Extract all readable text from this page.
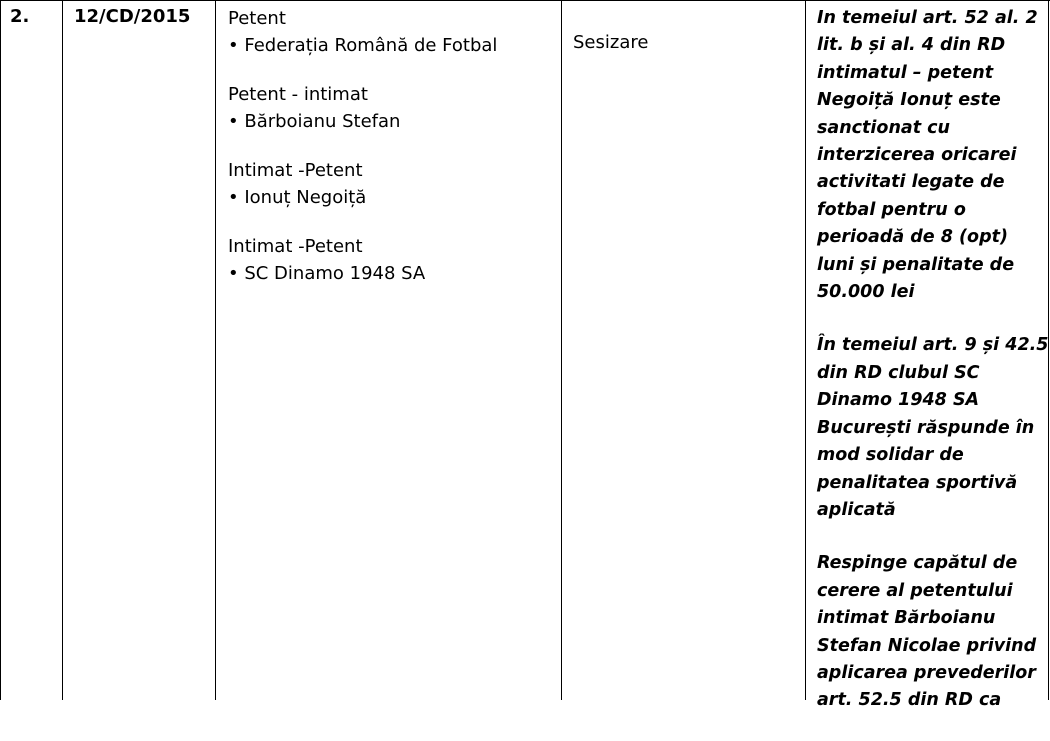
2. 12/CD/2015 Petent
• Federația Română de Fotbal
Petent - intimat
• Bărboianu Stefan
Intimat -Petent
• Ionuț Negoiță
Intimat -Petent
• SC Dinamo 1948 SA
Sesizare
In temeiul art. 52 al. 2
lit. b și al. 4 din RD
intimatul – petent
Negoiță Ionuț este
sanctionat cu
interzicerea oricarei
activitati legate de
fotbal pentru o
perioadă de 8 (opt)
luni și penalitate de
50.000 lei
În temeiul art. 9 și 42.5
din RD clubul SC
Dinamo 1948 SA
București răspunde în
mod solidar de
penalitatea sportivă
aplicată
Respinge capătul de
cerere al petentului
intimat Bărboianu
Stefan Nicolae privind
aplicarea prevederilor
art. 52.5 din RD ca
